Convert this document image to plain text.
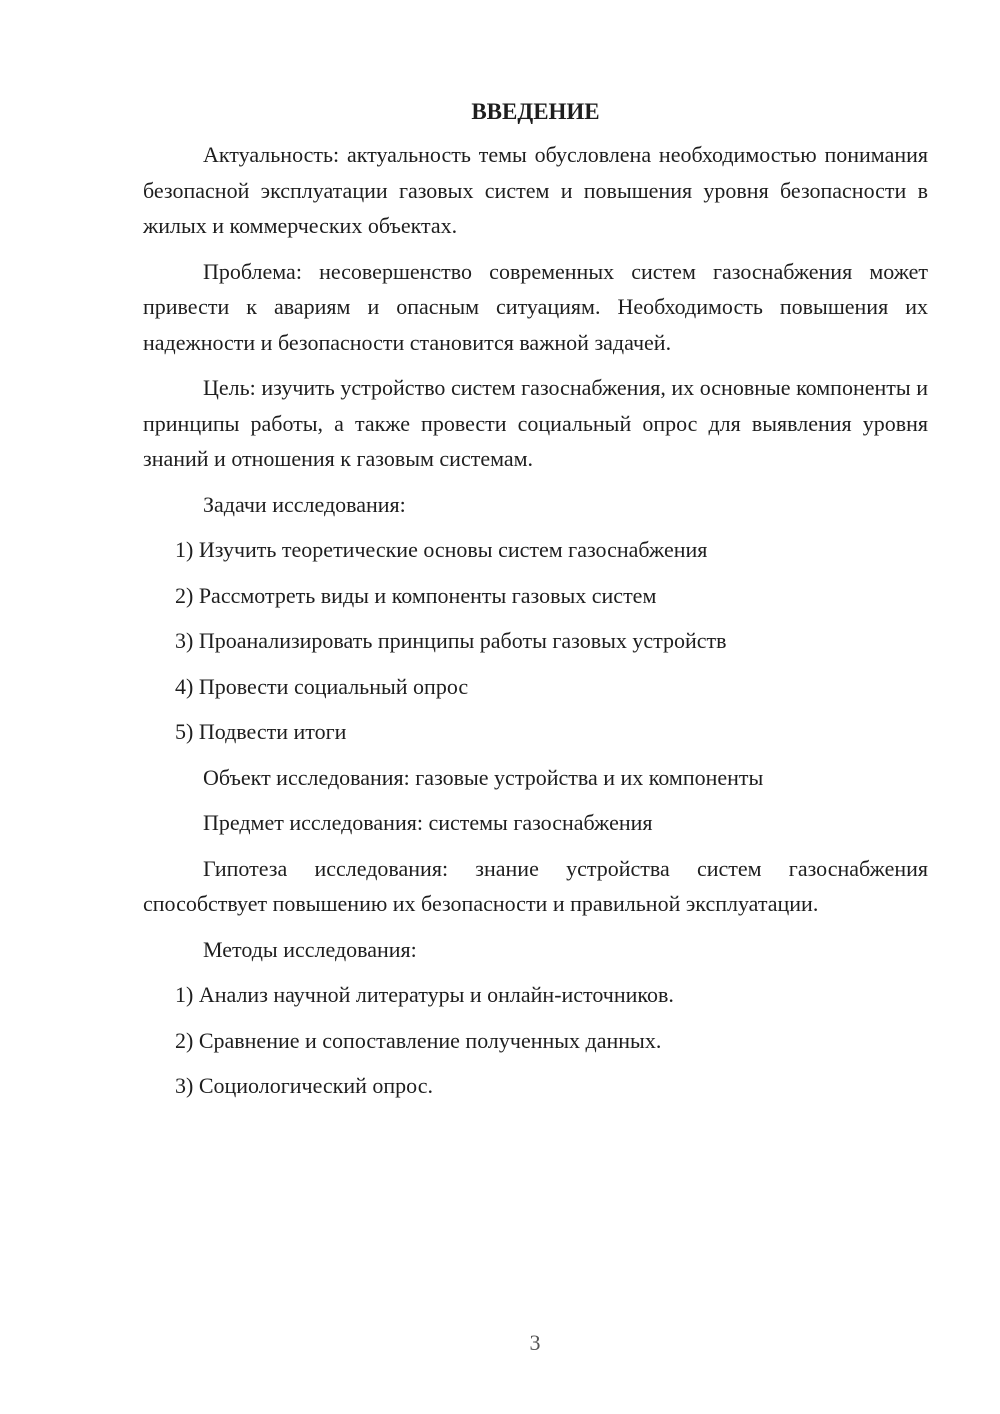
ВВЕДЕНИЕ

Актуальность: актуальность темы обусловлена необходимостью понимания безопасной эксплуатации газовых систем и повышения уровня безопасности в жилых и коммерческих объектах.

Проблема: несовершенство современных систем газоснабжения может привести к авариям и опасным ситуациям. Необходимость повышения их надежности и безопасности становится важной задачей.

Цель: изучить устройство систем газоснабжения, их основные компоненты и принципы работы, а также провести социальный опрос для выявления уровня знаний и отношения к газовым системам.

Задачи исследования:

1) Изучить теоретические основы систем газоснабжения
2) Рассмотреть виды и компоненты газовых систем
3) Проанализировать принципы работы газовых устройств
4) Провести социальный опрос
5) Подвести итоги

Объект исследования: газовые устройства и их компоненты

Предмет исследования: системы газоснабжения

Гипотеза исследования: знание устройства систем газоснабжения способствует повышению их безопасности и правильной эксплуатации.

Методы исследования:

1) Анализ научной литературы и онлайн-источников.
2) Сравнение и сопоставление полученных данных.
3) Социологический опрос.
3
